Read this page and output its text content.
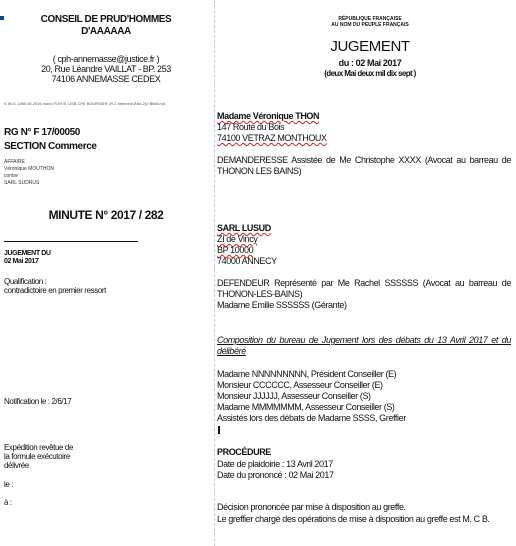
CONSEIL DE PRUD'HOMMES
D'AAAAAA
( cph-annemasse@justice.fr )
20, Rue Léandre VAILLAT - BP. 253
74106 ANNEMASSE CEDEX
E.W.G. USB 35.2016 mano FOR B. USB CFE BOURSIER 29.2 hemeine.Bisc.2(2 Bisdi.md
RG N° F 17/00050
SECTION Commerce
AFFAIRE
Véronique MOUTHON
contre
SARL SUDRUS
MINUTE N° 2017 / 282
JUGEMENT DU
02 Mai 2017
Qualification :
contradictoire en premier ressort
Notification le : 2/6/17
Expédition revêtue de
la formule exécutoire
délivrée
le :
à :
RÉPUBLIQUE FRANÇAISE
AU NOM DU PEUPLE FRANÇAIS
JUGEMENT
du : 02 Mai 2017
(deux Mai deux mil dix sept )
Madame Véronique THON
147 Route du Bois
74100 VETRAZ MONTHOUX
DEMANDERESSE Assistée de Me Christophe XXXX (Avocat au barreau de THONON LES BAINS)
SARL LUSUD
ZI de Vincy
BP 10000
74000 ANNECY
DEFENDEUR Représenté par Me Rachel SSSSSS (Avocat au barreau de THONON-LES-BAINS)
Madame Emilie SSSSSS (Gérante)
Composition du bureau de Jugement lors des débats du 13 Avril 2017 et du délibéré
Madame NNNNNNNNN, Président Conseiller (E)
Monsieur CCCCCC, Assesseur Conseiller (E)
Monsieur JJJJJJ, Assesseur Conseiller (S)
Madame MMMMMMM, Assesseur Conseiller (S)
Assistés lors des débats de Madame SSSS, Greffier
PROCÉDURE
Date de plaidoirie : 13 Avril 2017
Date du prononcé : 02 Mai 2017
Décision prononcée par mise à disposition au greffe.
Le greffier chargé des opérations de mise à disposition au greffe est M. C B.
